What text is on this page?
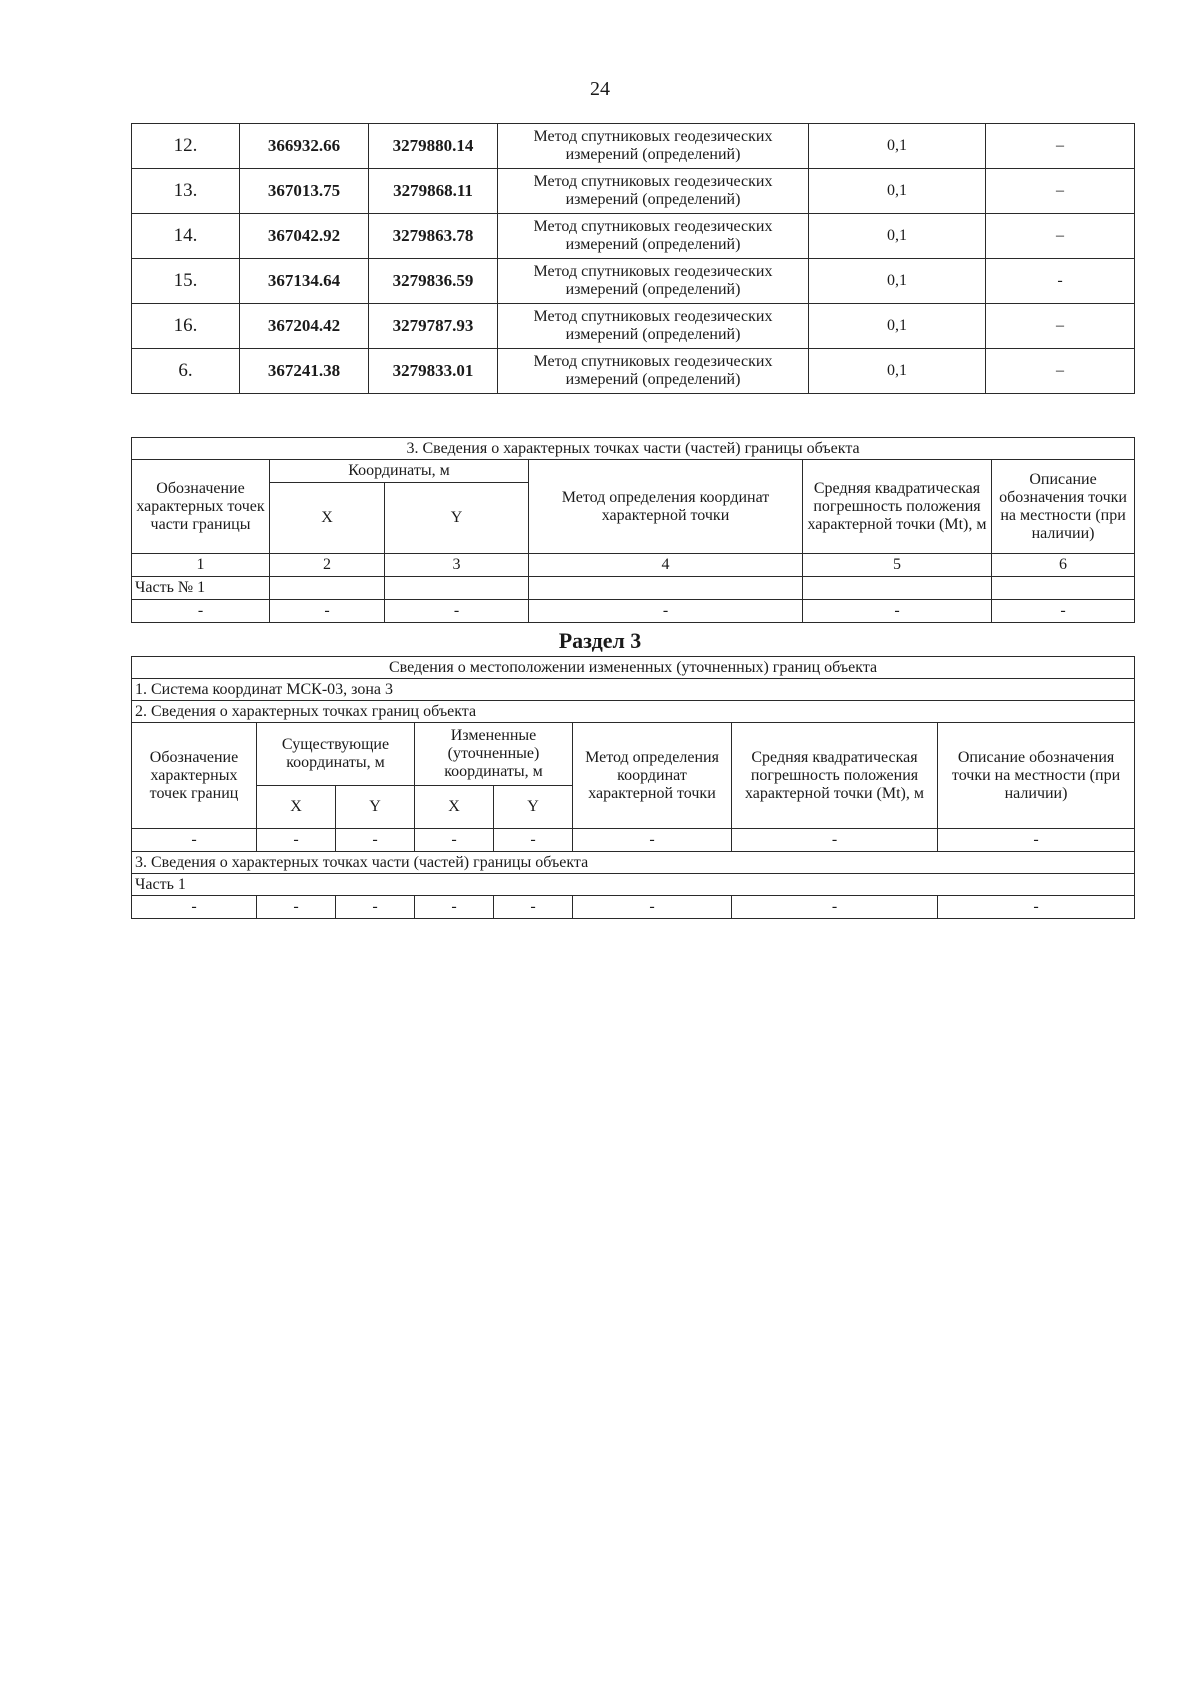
24
12.	366932.66	3279880.14	Метод спутниковых геодезических измерений (определений)	0,1	–
13.	367013.75	3279868.11	Метод спутниковых геодезических измерений (определений)	0,1	–
14.	367042.92	3279863.78	Метод спутниковых геодезических измерений (определений)	0,1	–
15.	367134.64	3279836.59	Метод спутниковых геодезических измерений (определений)	0,1	-
16.	367204.42	3279787.93	Метод спутниковых геодезических измерений (определений)	0,1	–
6.	367241.38	3279833.01	Метод спутниковых геодезических измерений (определений)	0,1	–
3. Сведения о характерных точках части (частей) границы объекта					
Обозначение характерных точек части границы	Координаты, м		Метод определения координат характерной точки	Средняя квадратическая погрешность положения характерной точки (Mt), м	Описание обозначения точки на местности (при наличии)
	X	Y			
1	2	3	4	5	6
Часть № 1					
-	-	-	-	-	-
Раздел 3
Сведения о местоположении измененных (уточненных) границ объекта							
1. Система координат МСК-03, зона 3							
2. Сведения о характерных точках границ объекта							
Обозначение характерных точек границ	Существующие координаты, м		Измененные (уточненные) координаты, м		Метод определения координат характерной точки	Средняя квадратическая погрешность положения характерной точки (Mt), м	Описание обозначения точки на местности (при наличии)
	X	Y	X	Y			
-	-	-	-	-	-	-	-
3. Сведения о характерных точках части (частей) границы объекта							
Часть 1							
-	-	-	-	-	-	-	-
